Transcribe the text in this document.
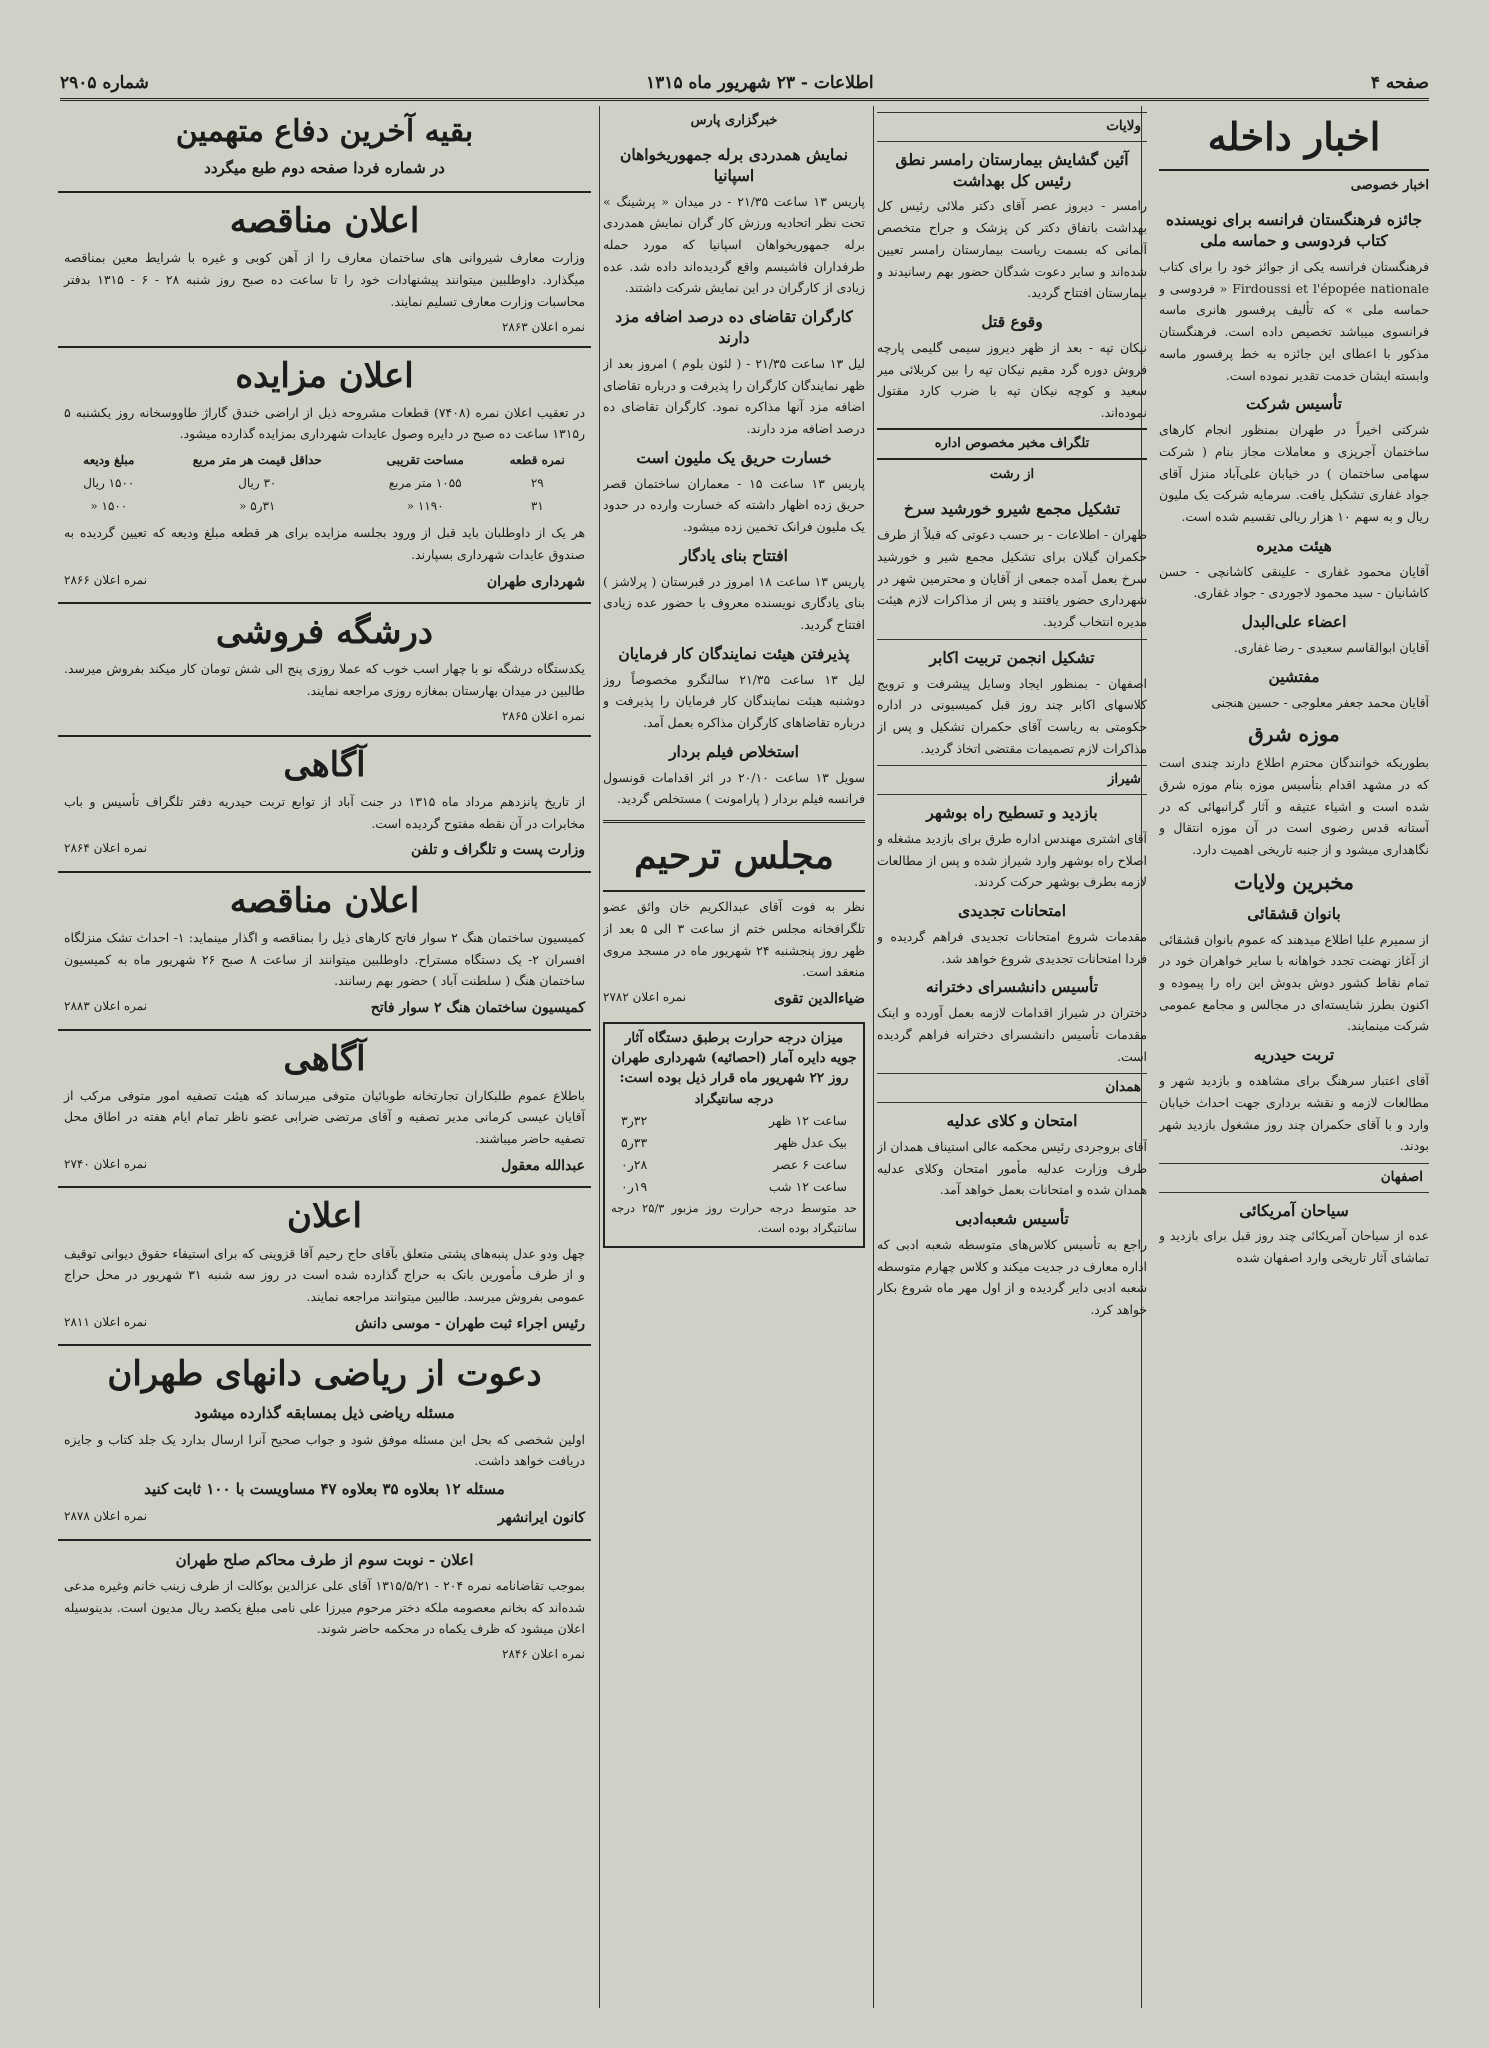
صفحه ۴
اطلاعات - ۲۳ شهریور ماه ۱۳۱۵
شماره ۲۹۰۵
اخبار داخله
اخبار خصوصی
جائزه فرهنگستان فرانسه برای نویسنده کتاب فردوسی و حماسه ملی

فرهنگستان فرانسه یکی از جوائز خود را برای کتاب Firdoussi et l'épopée nationale « فردوسی و حماسه ملی » که تألیف پرفسور هانری ماسه فرانسوی میباشد تخصیص داده است. فرهنگستان مذکور با اعطای این جائزه به خط پرفسور ماسه وابسته ایشان خدمت تقدیر نموده است.

تأسیس شرکت

شرکتی اخیراً در طهران بمنظور انجام کارهای ساختمان آجرپزی و معاملات مجاز بنام ( شرکت سهامی ساختمان ) در خیابان علی‌آباد منزل آقای جواد غفاری تشکیل یافت. سرمایه شرکت یک ملیون ریال و به سهم ۱۰ هزار ریالی تقسیم شده است.

هیئت مدیره

آقایان محمود غفاری - علینقی کاشانچی - حسن کاشانیان - سید محمود لاجوردی - جواد غفاری.

اعضاء علی‌البدل

آقایان ابوالقاسم سعیدی - رضا غفاری.

مفتشین

آقایان محمد جعفر معلوجی - حسین هنجنی

موزه شرق

بطوریکه خوانندگان محترم اطلاع دارند چندی است که در مشهد اقدام بتأسیس موزه بنام موزه شرق شده است و اشیاء عتیقه و آثار گرانبهائی که در آستانه قدس رضوی است در آن موزه انتقال و نگاهداری میشود و از جنبه تاریخی اهمیت دارد.

مخبرین ولایات
بانوان قشقائی

از سمیرم علیا اطلاع میدهند که عموم بانوان قشقائی از آغاز نهضت تجدد خواهانه با سایر خواهران خود در تمام نقاط کشور دوش بدوش این راه را پیموده و اکنون بطرز شایسته‌ای در مجالس و مجامع عمومی شرکت مینمایند.

تربت حیدریه

آقای اعتبار سرهنگ برای مشاهده و بازدید شهر و مطالعات لازمه و نقشه برداری جهت احداث خیابان وارد و با آقای حکمران چند روز مشغول بازدید شهر بودند.

اصفهان
سیاحان آمریکائی

عده از سیاحان آمریکائی چند روز قبل برای بازدید و تماشای آثار تاریخی وارد اصفهان شده

ولایات
آئین گشایش بیمارستان رامسر نطق رئیس کل بهداشت

رامسر - دیروز عصر آقای دکتر ملائی رئیس کل بهداشت باتفاق دکتر کن پزشک و جراح متخصص آلمانی که بسمت ریاست بیمارستان رامسر تعیین شده‌اند و سایر دعوت شدگان حضور بهم رسانیدند و بیمارستان افتتاح گردید.

وقوع قتل

نیکان تپه - بعد از ظهر دیروز سیمی گلیمی پارچه فروش دوره گرد مقیم نیکان تپه را بین کربلائی میر سعید و کوچه نیکان تپه با ضرب کارد مقتول نموده‌اند.

تلگراف مخبر مخصوص اداره
از رشت
تشکیل مجمع شیرو خورشید سرخ

طهران - اطلاعات - بر حسب دعوتی که قبلاً از طرف حکمران گیلان برای تشکیل مجمع شیر و خورشید سرخ بعمل آمده جمعی از آقایان و محترمین شهر در شهرداری حضور یافتند و پس از مذاکرات لازم هیئت مدیره انتخاب گردید.

تشکیل انجمن تربیت اکابر

اصفهان - بمنظور ایجاد وسایل پیشرفت و ترویج کلاسهای اکابر چند روز قبل کمیسیونی در اداره حکومتی به ریاست آقای حکمران تشکیل و پس از مذاکرات لازم تصمیمات مقتضی اتخاذ گردید.

شیراز
بازدید و تسطیح راه بوشهر

آقای اشتری مهندس اداره طرق برای بازدید مشغله و اصلاح راه بوشهر وارد شیراز شده و پس از مطالعات لازمه بطرف بوشهر حرکت کردند.

امتحانات تجدیدی

مقدمات شروع امتحانات تجدیدی فراهم گردیده و فردا امتحانات تجدیدی شروع خواهد شد.

تأسیس دانشسرای دخترانه

دختران در شیراز اقدامات لازمه بعمل آورده و اینک مقدمات تأسیس دانشسرای دخترانه فراهم گردیده است.

همدان
امتحان و کلای عدلیه

آقای بروجردی رئیس محکمه عالی استیناف همدان از طرف وزارت عدلیه مأمور امتحان وکلای عدلیه همدان شده و امتحانات بعمل خواهد آمد.

تأسیس شعبه‌ادبی

راجع به تأسیس کلاس‌های متوسطه شعبه ادبی که اداره معارف در جدیت میکند و کلاس چهارم متوسطه شعبه ادبی دایر گردیده و از اول مهر ماه شروع بکار خواهد کرد.

خبرگزاری پارس
نمایش همدردی برله جمهوریخواهان اسپانیا

پاریس ۱۳ ساعت ۲۱/۳۵ - در میدان « پرشینگ » تحت نظر اتحادیه ورزش کار گران نمایش همدردی برله جمهوریخواهان اسپانیا که مورد حمله طرفداران فاشیسم واقع گردیده‌اند داده شد. عده زیادی از کارگران در این نمایش شرکت داشتند.

کارگران تقاضای ده درصد اضافه مزد دارند

لیل ۱۳ ساعت ۲۱/۳۵ - ( لئون بلوم ) امروز بعد از ظهر نمایندگان کارگران را پذیرفت و درباره تقاضای اضافه مزد آنها مذاکره نمود. کارگران تقاضای ده درصد اضافه مزد دارند.

خسارت حریق یک ملیون است

پاریس ۱۳ ساعت ۱۵ - معماران ساختمان قصر حریق زده اظهار داشته که خسارت وارده در حدود یک ملیون فرانک تخمین زده میشود.

افتتاح بنای یادگار

پاریس ۱۳ ساعت ۱۸ امروز در قبرستان ( پرلاشز ) بنای یادگاری نویسنده معروف با حضور عده زیادی افتتاح گردید.

پذیرفتن هیئت نمایندگان کار فرمایان

لیل ۱۳ ساعت ۲۱/۳۵ سالنگرو مخصوصاً روز دوشنبه هیئت نمایندگان کار فرمایان را پذیرفت و درباره تقاضاهای کارگران مذاکره بعمل آمد.

استخلاص فیلم بردار

سویل ۱۳ ساعت ۲۰/۱۰ در اثر اقدامات قونسول فرانسه فیلم بردار ( پارامونت ) مستخلص گردید.

مجلس ترحیم

نظر به فوت آقای عبدالکریم خان وائق عضو تلگرافخانه مجلس ختم از ساعت ۳ الی ۵ بعد از ظهر روز پنجشنبه ۲۴ شهریور ماه در مسجد مروی منعقد است.

ضیاءالدین تقوی
نمره اعلان ۲۷۸۲
میزان درجه حرارت برطبق دستگاه آثار جویه دایره آمار (احصائیه) شهرداری طهران روز ۲۲ شهریور ماه قرار ذیل بوده است:
درجه سانتیگراد
ساعت ۱۲ ظهر
۳۲ر۳
بیک عدل ظهر
۳۳ر۵
ساعت ۶ عصر
۲۸ر۰
ساعت ۱۲ شب
۱۹ر۰

حد متوسط درجه حرارت روز مزبور ۲۵/۳ درجه سانتیگراد بوده است.

بقیه آخرین دفاع متهمین
در شماره فردا صفحه دوم طبع میگردد
اعلان مناقصه

وزارت معارف شیروانی های ساختمان معارف را از آهن کوبی و غیره با شرایط معین بمناقصه میگذارد. داوطلبین میتوانند پیشنهادات خود را تا ساعت ده صبح روز شنبه ۲۸ - ۶ - ۱۳۱۵ بدفتر محاسبات وزارت معارف تسلیم نمایند.

نمره اعلان ۲۸۶۳
اعلان مزایده

در تعقیب اعلان نمره (۷۴۰۸) قطعات مشروحه ذیل از اراضی خندق گاراژ طاووسخانه روز یکشنبه ۵ ر۱۳۱۵ ساعت ده صبح در دایره وصول عایدات شهرداری بمزایده گذارده میشود.

نمره قطعه	مساحت تقریبی	حداقل قیمت هر متر مربع	مبلغ ودیعه
۲۹	۱۰۵۵ متر مربع	۳۰ ریال	۱۵۰۰ ریال
۳۱	۱۱۹۰ «	۳۱ر۵ «	۱۵۰۰ «

هر یک از داوطلبان باید قبل از ورود بجلسه مزایده برای هر قطعه مبلغ ودیعه که تعیین گردیده به صندوق عایدات شهرداری بسپارند.

شهرداری طهران
نمره اعلان ۲۸۶۶
درشگه فروشی

یکدستگاه درشگه نو با چهار اسب خوب که عملا روزی پنج الی شش تومان کار میکند بفروش میرسد. طالبین در میدان بهارستان بمغازه روزی مراجعه نمایند.

نمره اعلان ۲۸۶۵
آگاهی

از تاریخ پانزدهم مرداد ماه ۱۳۱۵ در جنت آباد از توابع تربت حیدریه دفتر تلگراف تأسیس و باب مخابرات در آن نقطه مفتوح گردیده است.

وزارت پست و تلگراف و تلفن
نمره اعلان ۲۸۶۴
اعلان مناقصه

کمیسیون ساختمان هنگ ۲ سوار فاتح کارهای ذیل را بمناقصه و اگذار مینماید: ۱- احداث تشک منزلگاه افسران ۲- یک دستگاه مستراح. داوطلبین میتوانند از ساعت ۸ صبح ۲۶ شهریور ماه به کمیسیون ساختمان هنگ ( سلطنت آباد ) حضور بهم رسانند.

کمیسیون ساختمان هنگ ۲ سوار فاتح
نمره اعلان ۲۸۸۳
آگاهی

باطلاع عموم طلبکاران تجارتخانه طوبائیان متوفی میرساند که هیئت تصفیه امور متوفی مرکب از آقایان عیسی کرمانی مدیر تصفیه و آقای مرتضی ضرابی عضو ناظر تمام ایام هفته در اطاق محل تصفیه حاضر میباشند.

عبدالله معقول
نمره اعلان ۲۷۴۰
اعلان

چهل ودو عدل پنبه‌های پشتی متعلق بآقای حاج رحیم آقا قزوینی که برای استیفاء حقوق دیوانی توقیف و از طرف مأمورین بانک به حراج گذارده شده است در روز سه شنبه ۳۱ شهریور در محل حراج عمومی بفروش میرسد. طالبین میتوانند مراجعه نمایند.

رئیس اجراء ثبت طهران - موسی دانش
نمره اعلان ۲۸۱۱
دعوت از ریاضی دانهای طهران
مسئله ریاضی ذیل بمسابقه گذارده میشود

اولین شخصی که بحل این مسئله موفق شود و جواب صحیح آنرا ارسال بدارد یک جلد کتاب و جایزه دریافت خواهد داشت.

مسئله ۱۲ بعلاوه ۳۵ بعلاوه ۴۷ مساویست با ۱۰۰ ثابت کنید
کانون ایرانشهر
نمره اعلان ۲۸۷۸
اعلان - نوبت سوم از طرف محاکم صلح طهران

بموجب تقاضانامه نمره ۲۰۴ - ۱۳۱۵/۵/۲۱ آقای علی عزالدین بوکالت از طرف زینب خانم وغیره مدعی شده‌اند که بخانم معصومه ملکه دختر مرحوم میرزا علی نامی مبلغ یکصد ریال مدیون است. بدینوسیله اعلان میشود که ظرف یکماه در محکمه حاضر شوند.

نمره اعلان ۲۸۴۶
